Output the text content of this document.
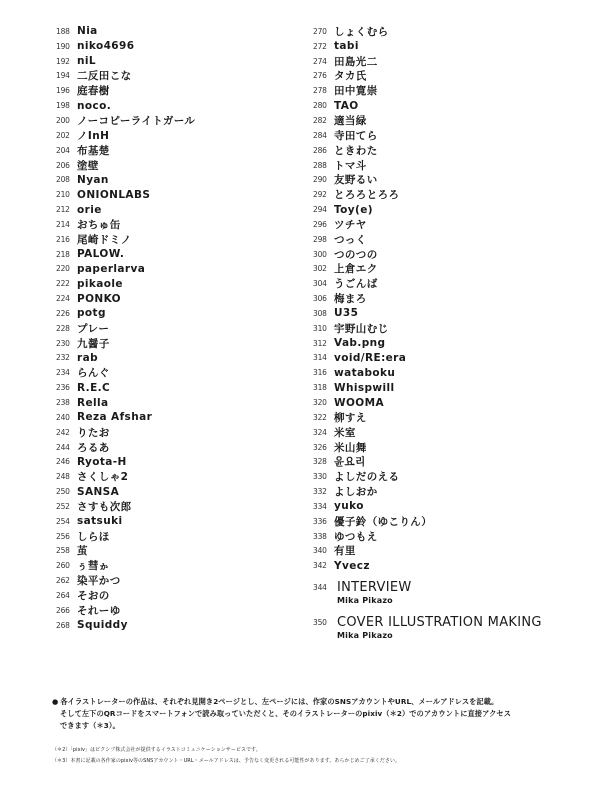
188 Nia
190 niko4696
192 niL
194 二反田こな
196 庭春樹
198 noco.
200 ノーコピーライトガール
202 ノInH
204 布基楚
206 塗壁
208 Nyan
210 ONIONLABS
212 orie
214 おちゅ缶
216 尾崎ドミノ
218 PALOW.
220 paperlarva
222 pikaole
224 PONKO
226 potg
228 プレー
230 九醤子
232 rab
234 らんぐ
236 R.E.C
238 Rella
240 Reza Afshar
242 りたお
244 ろるあ
246 Ryota-H
248 さくしゃ2
250 SANSA
252 さすも次郎
254 satsuki
256 しらほ
258 茧
260 ぅ彗ゕ
262 染平かつ
264 そおの
266 それーゆ
268 Squiddy
270 しょくむら
272 tabi
274 田島光二
276 タカ氏
278 田中寛崇
280 TAO
282 適当緑
284 寺田てら
286 ときわた
288 トマ斗
290 友野るい
292 とろろとろろ
294 Toy(e)
296 ツチヤ
298 つっく
300 つのつの
302 上倉エク
304 うごんば
306 梅まろ
308 U35
310 宇野山むじ
312 Vab.png
314 void/RE:era
316 wataboku
318 Whispwill
320 WOOMA
322 柳すえ
324 米室
326 米山舞
328 윤요리
330 よしだのえる
332 よしおか
334 yuko
336 優子鈴（ゆこりん）
338 ゆつもえ
340 有里
342 Yvecz
344 INTERVIEW
Mika Pikazo
350 COVER ILLUSTRATION MAKING
Mika Pikazo
● 各イラストレーターの作品は、それぞれ見開き2ページとし、左ページには、作家のSNSアカウントやURL、メールアドレスを記載。
そして左下のQRコードをスマートフォンで読み取っていただくと、そのイラストレーターのpixiv（＊2）でのアカウントに直接アクセス
できます（＊3）。
（＊2）「pixiv」はピクシブ株式会社が提供するイラストコミュニケーションサービスです。
（＊3）本書に記載の各作家のpixiv等のSNSアカウント・URL・メールアドレスは、予告なく変更される可能性があります。あらかじめご了承ください。
